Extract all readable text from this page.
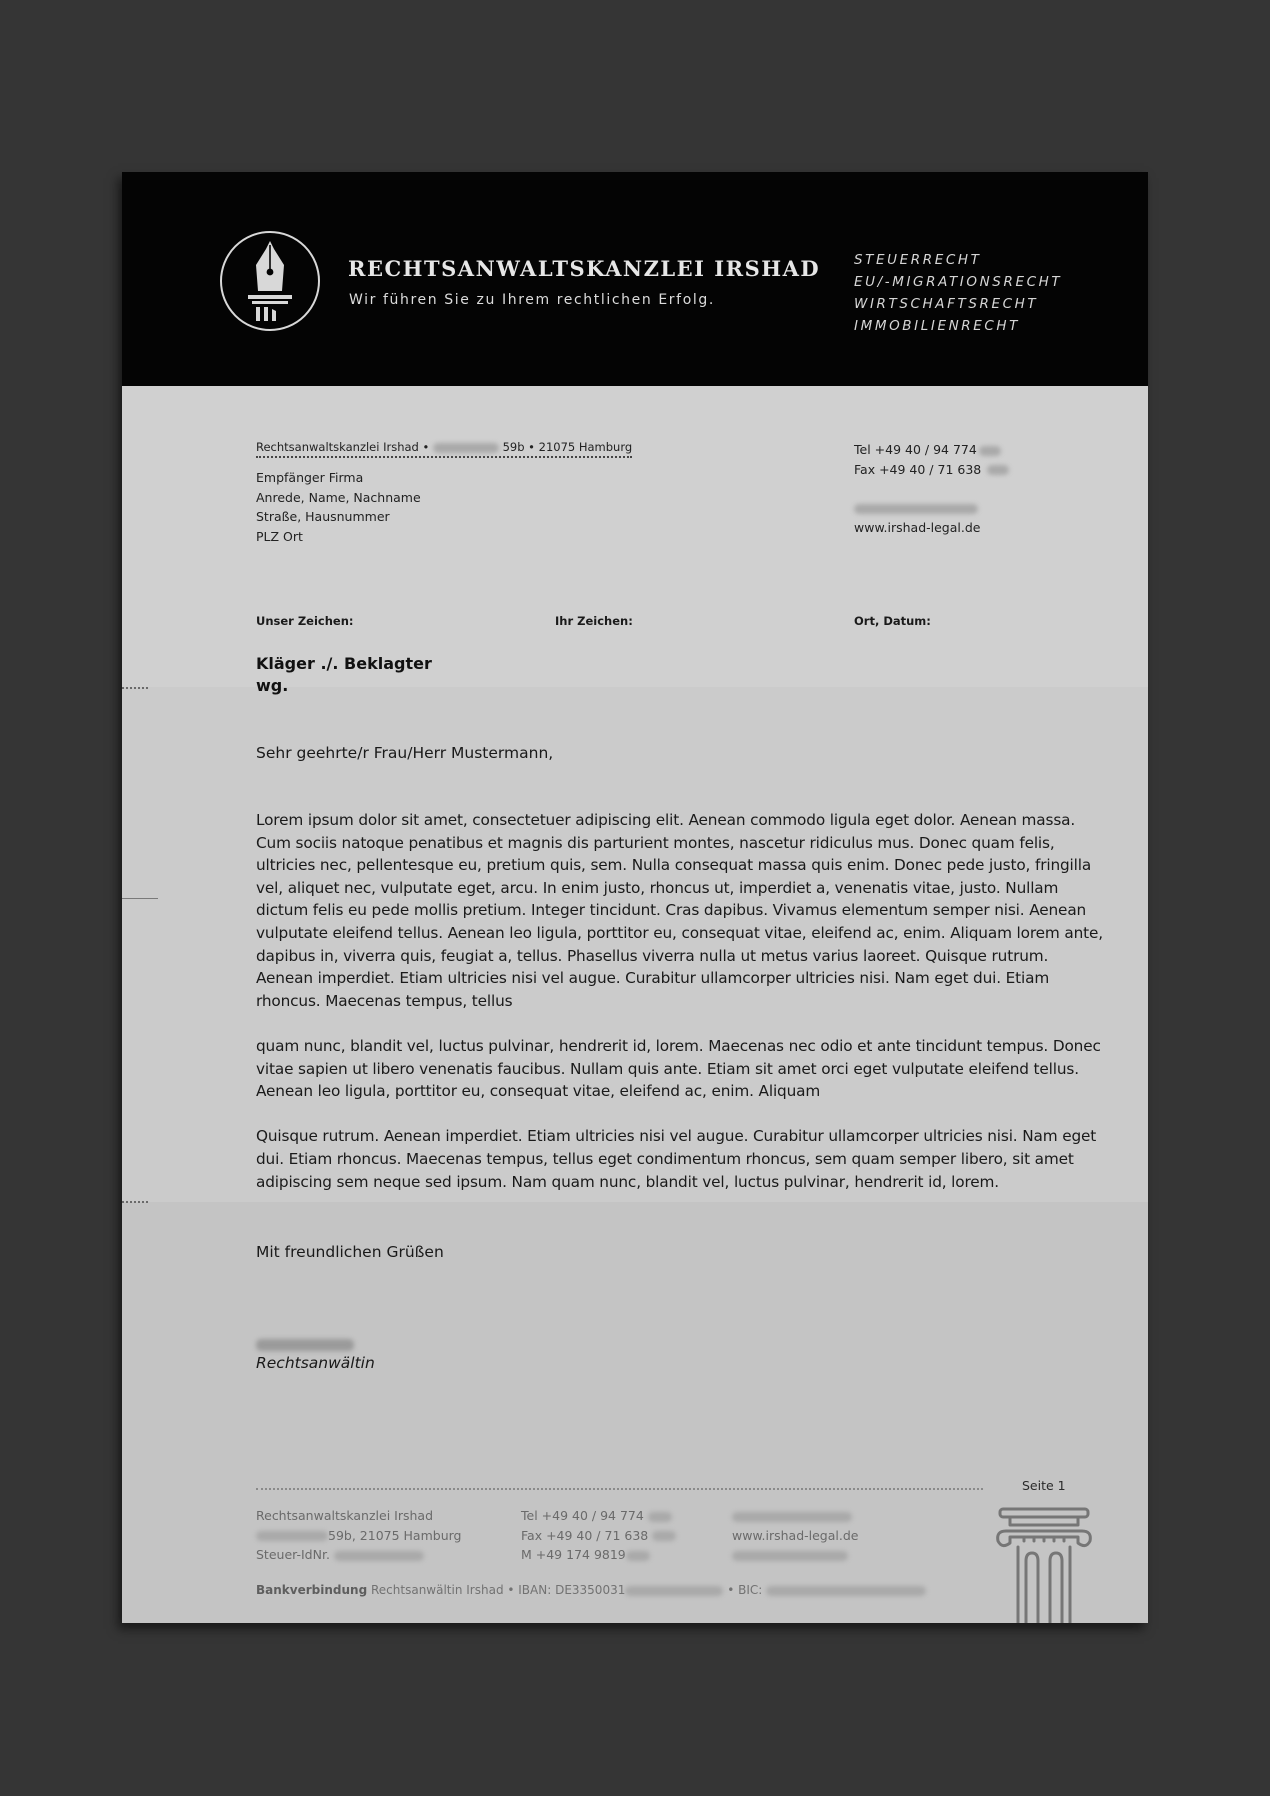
RECHTSANWALTSKANZLEI IRSHAD
Wir führen Sie zu Ihrem rechtlichen Erfolg.
STEUERRECHT
EU/-MIGRATIONSRECHT
WIRTSCHAFTSRECHT
IMMOBILIENRECHT
Rechtsanwaltskanzlei Irshad •	59b • 21075 Hamburg
Empfänger Firma
Anrede, Name, Nachname
Straße, Hausnummer
PLZ Ort
Tel +49 40 / 94 774
Fax +49 40 / 71 638
www.irshad-legal.de
Unser Zeichen:	Ihr Zeichen:	Ort, Datum:
Kläger ./. Beklagter
wg.
Sehr geehrte/r Frau/Herr Mustermann,

Lorem ipsum dolor sit amet, consectetuer adipiscing elit. Aenean commodo ligula eget dolor. Aenean massa. Cum sociis natoque penatibus et magnis dis parturient montes, nascetur ridiculus mus. Donec quam felis, ultricies nec, pellentesque eu, pretium quis, sem. Nulla consequat massa quis enim. Donec pede justo, fringilla vel, aliquet nec, vulputate eget, arcu. In enim justo, rhoncus ut, imperdiet a, venenatis vitae, justo. Nullam dictum felis eu pede mollis pretium. Integer tincidunt. Cras dapibus. Vivamus elementum semper nisi. Aenean vulputate eleifend tellus. Aenean leo ligula, porttitor eu, consequat vitae, eleifend ac, enim. Aliquam lorem ante, dapibus in, viverra quis, feugiat a, tellus. Phasellus viverra nulla ut metus varius laoreet. Quisque rutrum. Aenean imperdiet. Etiam ultricies nisi vel augue. Curabitur ullamcorper ultricies nisi. Nam eget dui. Etiam rhoncus. Maecenas tempus, tellus

quam nunc, blandit vel, luctus pulvinar, hendrerit id, lorem. Maecenas nec odio et ante tincidunt tempus. Donec vitae sapien ut libero venenatis faucibus. Nullam quis ante. Etiam sit amet orci eget vulputate eleifend tellus. Aenean leo ligula, porttitor eu, consequat vitae, eleifend ac, enim. Aliquam

Quisque rutrum. Aenean imperdiet. Etiam ultricies nisi vel augue. Curabitur ullamcorper ultricies nisi. Nam eget dui. Etiam rhoncus. Maecenas tempus, tellus eget condimentum rhoncus, sem quam semper libero, sit amet adipiscing sem neque sed ipsum. Nam quam nunc, blandit vel, luctus pulvinar, hendrerit id, lorem.

Mit freundlichen Grüßen
Rechtsanwältin
Seite 1
Rechtsanwaltskanzlei Irshad
59b, 21075 Hamburg
Steuer-IdNr.
Tel +49 40 / 94 774
Fax +49 40 / 71 638
M +49 174 9819
www.irshad-legal.de
Bankverbindung Rechtsanwältin Irshad • IBAN: DE3350031	• BIC:
